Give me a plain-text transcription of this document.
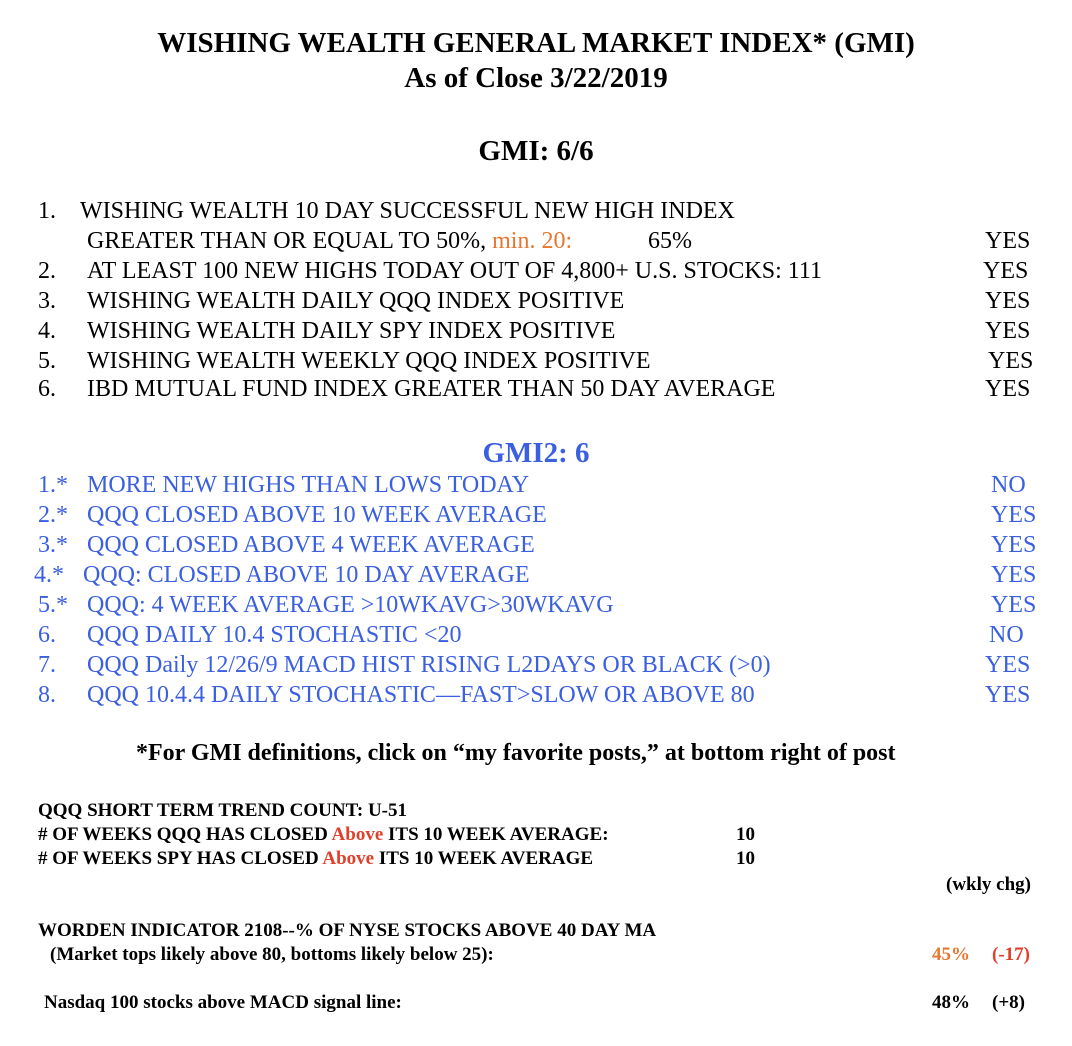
WISHING WEALTH GENERAL MARKET INDEX* (GMI)
As of Close 3/22/2019
GMI: 6/6
1. WISHING WEALTH 10 DAY SUCCESSFUL NEW HIGH INDEX
GREATER THAN OR EQUAL TO 50%, min. 20:	65%	YES
2. AT LEAST 100 NEW HIGHS TODAY OUT OF 4,800+ U.S. STOCKS: 111	YES
3. WISHING WEALTH DAILY QQQ INDEX POSITIVE	YES
4. WISHING WEALTH DAILY SPY INDEX POSITIVE	YES
5. WISHING WEALTH WEEKLY QQQ INDEX POSITIVE	YES
6. IBD MUTUAL FUND INDEX GREATER THAN 50 DAY AVERAGE	YES
GMI2: 6
1.* MORE NEW HIGHS THAN LOWS TODAY	NO
2.* QQQ CLOSED ABOVE 10 WEEK AVERAGE	YES
3.* QQQ CLOSED ABOVE 4 WEEK AVERAGE	YES
4.* QQQ: CLOSED ABOVE 10 DAY AVERAGE	YES
5.* QQQ: 4 WEEK AVERAGE >10WKAVG>30WKAVG	YES
6. QQQ DAILY 10.4 STOCHASTIC <20	NO
7. QQQ Daily 12/26/9 MACD HIST RISING L2DAYS OR BLACK (>0)	YES
8. QQQ 10.4.4 DAILY STOCHASTIC—FAST>SLOW OR ABOVE 80	YES
*For GMI definitions, click on “my favorite posts,” at bottom right of post
QQQ SHORT TERM TREND COUNT: U-51
# OF WEEKS QQQ HAS CLOSED Above ITS 10 WEEK AVERAGE:	10
# OF WEEKS SPY HAS CLOSED Above ITS 10 WEEK AVERAGE	10
(wkly chg)
WORDEN INDICATOR 2108--% OF NYSE STOCKS ABOVE 40 DAY MA
(Market tops likely above 80, bottoms likely below 25):	45% (-17)
Nasdaq 100 stocks above MACD signal line:	48% (+8)
